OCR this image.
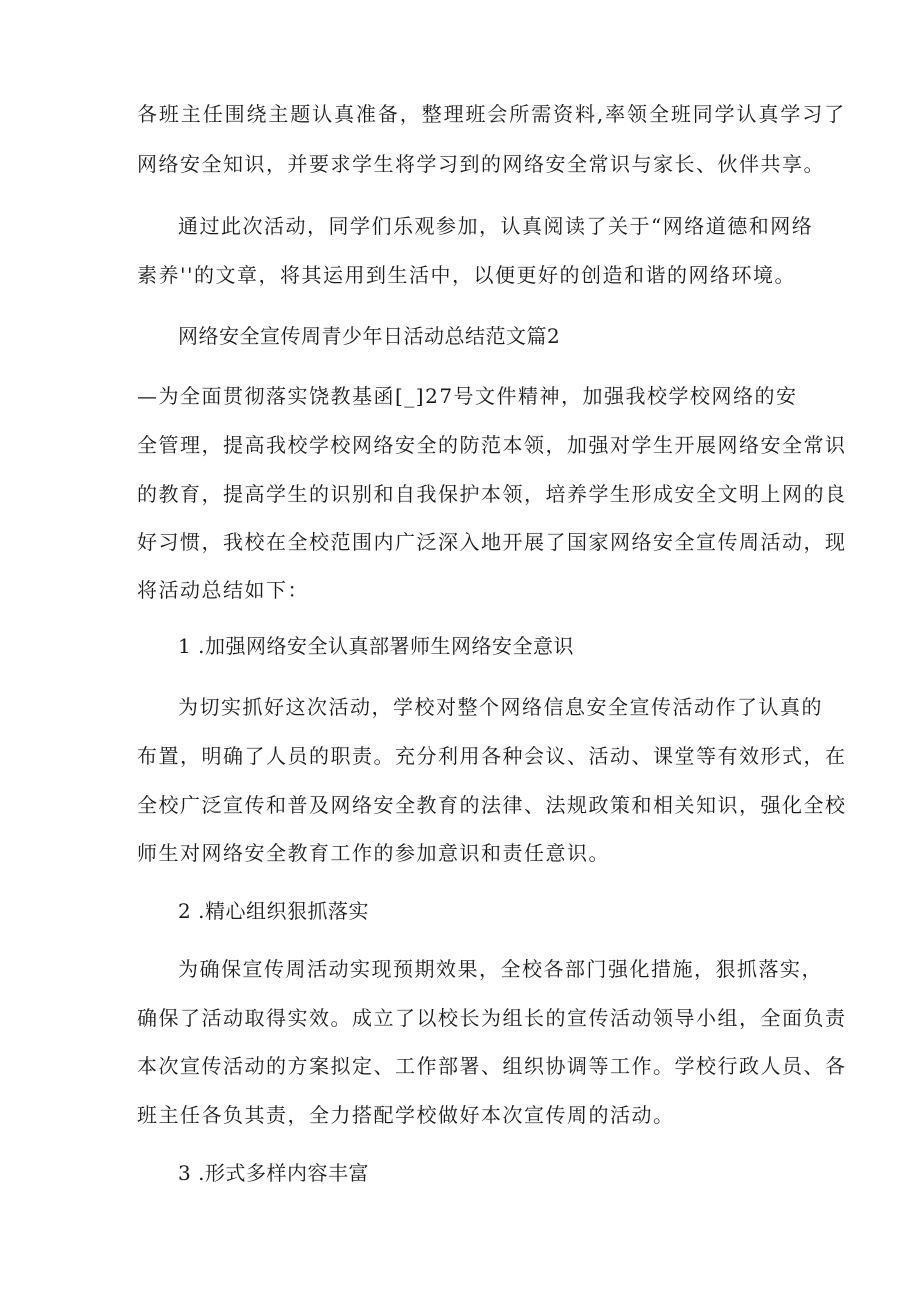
各班主任围绕主题认真准备，整理班会所需资料,率领全班同学认真学习了
网络安全知识，并要求学生将学习到的网络安全常识与家长、伙伴共享。
通过此次活动，同学们乐观参加，认真阅读了关于“网络道德和网络
素养''的文章，将其运用到生活中，以便更好的创造和谐的网络环境。
网络安全宣传周青少年日活动总结范文篇2
—为全面贯彻落实饶教基函[_]27号文件精神，加强我校学校网络的安
全管理，提高我校学校网络安全的防范本领，加强对学生开展网络安全常识
的教育，提高学生的识别和自我保护本领，培养学生形成安全文明上网的良
好习惯，我校在全校范围内广泛深入地开展了国家网络安全宣传周活动，现
将活动总结如下：
1 .加强网络安全认真部署师生网络安全意识
为切实抓好这次活动，学校对整个网络信息安全宣传活动作了认真的
布置，明确了人员的职责。充分利用各种会议、活动、课堂等有效形式，在
全校广泛宣传和普及网络安全教育的法律、法规政策和相关知识，强化全校
师生对网络安全教育工作的参加意识和责任意识。
2 .精心组织狠抓落实
为确保宣传周活动实现预期效果，全校各部门强化措施，狠抓落实，
确保了活动取得实效。成立了以校长为组长的宣传活动领导小组，全面负责
本次宣传活动的方案拟定、工作部署、组织协调等工作。学校行政人员、各
班主任各负其责，全力搭配学校做好本次宣传周的活动。
3 .形式多样内容丰富
